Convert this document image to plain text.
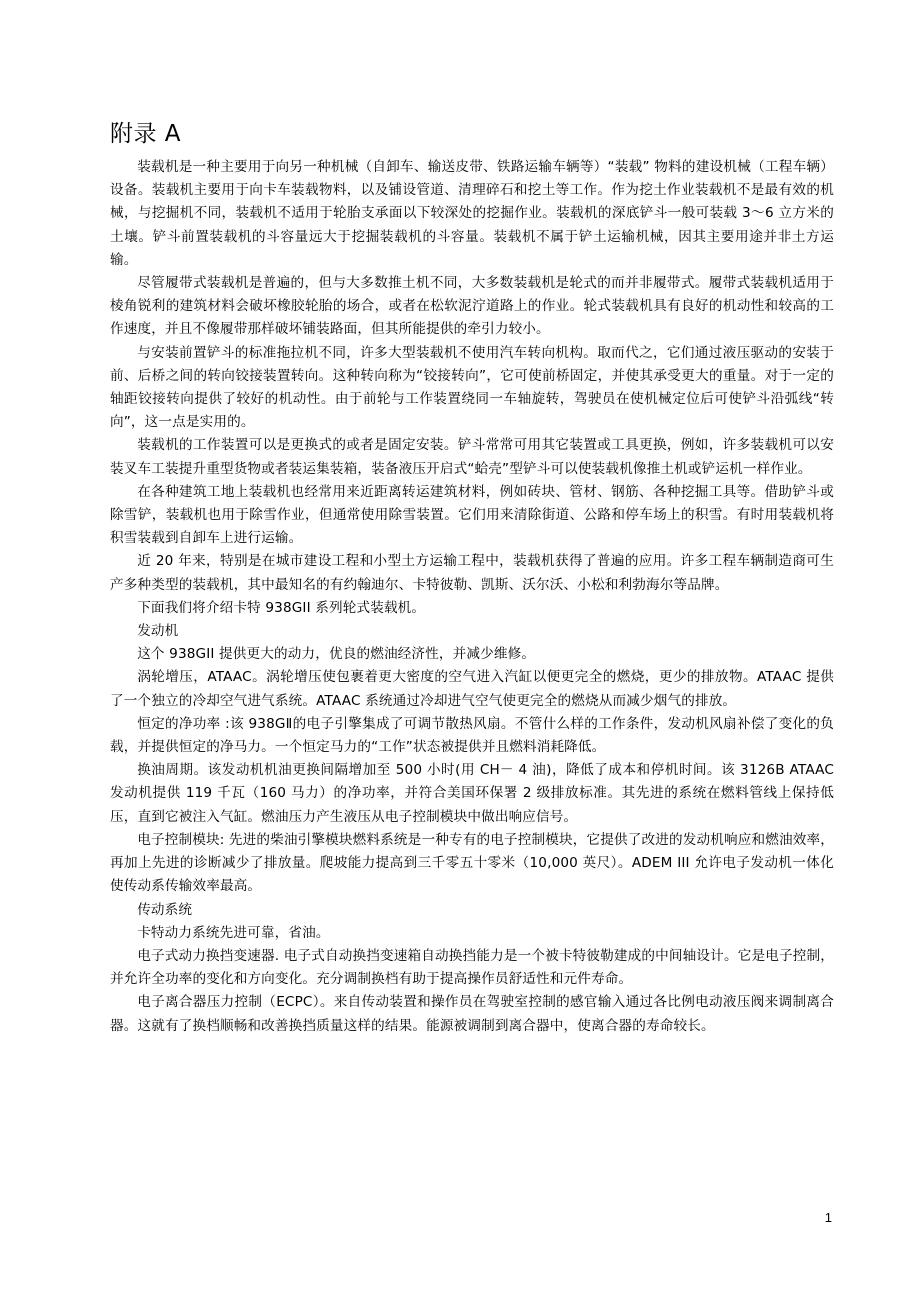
附录 A

装载机是一种主要用于向另一种机械（自卸车、输送皮带、铁路运输车辆等）“装载” 物料的建设机械（工程车辆）设备。装载机主要用于向卡车装载物料，以及铺设管道、清理碎石和挖土等工作。作为挖土作业装载机不是最有效的机械，与挖掘机不同，装载机不适用于轮胎支承面以下较深处的挖掘作业。装载机的深底铲斗一般可装载 3～6 立方米的土壤。铲斗前置装载机的斗容量远大于挖掘装载机的斗容量。装载机不属于铲土运输机械，因其主要用途并非土方运输。

尽管履带式装载机是普遍的，但与大多数推土机不同，大多数装载机是轮式的而并非履带式。履带式装载机适用于棱角锐利的建筑材料会破坏橡胶轮胎的场合，或者在松软泥泞道路上的作业。轮式装载机具有良好的机动性和较高的工作速度，并且不像履带那样破坏铺装路面，但其所能提供的牵引力较小。

与安装前置铲斗的标准拖拉机不同，许多大型装载机不使用汽车转向机构。取而代之，它们通过液压驱动的安装于前、后桥之间的转向铰接装置转向。这种转向称为“铰接转向”，它可使前桥固定，并使其承受更大的重量。对于一定的轴距铰接转向提供了较好的机动性。由于前轮与工作装置绕同一车轴旋转，驾驶员在使机械定位后可使铲斗沿弧线“转向”，这一点是实用的。

装载机的工作装置可以是更换式的或者是固定安装。铲斗常常可用其它装置或工具更换，例如，许多装载机可以安装叉车工装提升重型货物或者装运集装箱，装备液压开启式“蛤壳”型铲斗可以使装载机像推土机或铲运机一样作业。

在各种建筑工地上装载机也经常用来近距离转运建筑材料，例如砖块、管材、钢筋、各种挖掘工具等。借助铲斗或除雪铲，装载机也用于除雪作业，但通常使用除雪装置。它们用来清除街道、公路和停车场上的积雪。有时用装载机将积雪装载到自卸车上进行运输。

近 20 年来，特别是在城市建设工程和小型土方运输工程中，装载机获得了普遍的应用。许多工程车辆制造商可生产多种类型的装载机，其中最知名的有约翰迪尔、卡特彼勒、凯斯、沃尔沃、小松和利勃海尔等品牌。

下面我们将介绍卡特 938GII 系列轮式装载机。

发动机

这个 938GII 提供更大的动力，优良的燃油经济性，并减少维修。

涡轮增压，ATAAC。涡轮增压使包裹着更大密度的空气进入汽缸以便更完全的燃烧，更少的排放物。ATAAC 提供了一个独立的冷却空气进气系统。ATAAC 系统通过冷却进气空气使更完全的燃烧从而减少烟气的排放。

恒定的净功率 :该 938GⅡ的电子引擎集成了可调节散热风扇。不管什么样的工作条件，发动机风扇补偿了变化的负载，并提供恒定的净马力。一个恒定马力的“工作”状态被提供并且燃料消耗降低。

换油周期。该发动机机油更换间隔增加至 500 小时(用 CH－ 4 油)，降低了成本和停机时间。该 3126B ATAAC 发动机提供 119 千瓦（160 马力）的净功率，并符合美国环保署 2 级排放标准。其先进的系统在燃料管线上保持低压，直到它被注入气缸。燃油压力产生液压从电子控制模块中做出响应信号。

电子控制模块: 先进的柴油引擎模块燃料系统是一种专有的电子控制模块，它提供了改进的发动机响应和燃油效率，再加上先进的诊断减少了排放量。爬坡能力提高到三千零五十零米（10,000 英尺）。ADEM III 允许电子发动机一体化使传动系传输效率最高。

传动系统

卡特动力系统先进可靠，省油。

电子式动力换挡变速器. 电子式自动换挡变速箱自动换挡能力是一个被卡特彼勒建成的中间轴设计。它是电子控制，并允许全功率的变化和方向变化。充分调制换档有助于提高操作员舒适性和元件寿命。

电子离合器压力控制（ECPC）。来自传动装置和操作员在驾驶室控制的感官输入通过各比例电动液压阀来调制离合器。这就有了换档顺畅和改善换挡质量这样的结果。能源被调制到离合器中，使离合器的寿命较长。

1
